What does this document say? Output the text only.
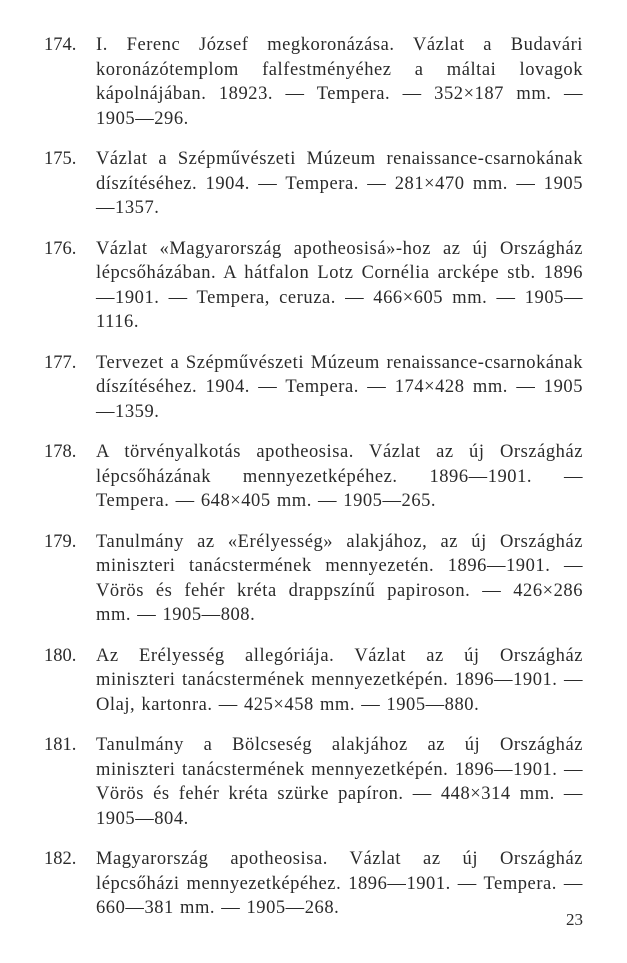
174.	I. Ferenc József megkoronázása. Vázlat a Budavári koronázótemplom falfestményéhez a máltai lovagok kápolnájában. 18923. — Tempera. — 352×187 mm. — 1905—296.
175.	Vázlat a Szépművészeti Múzeum renaissance-csarnokának díszítéséhez. 1904. — Tempera. — 281×470 mm. — 1905—1357.
176.	Vázlat «Magyarország apotheosisá»-hoz az új Országház lépcsőházában. A hátfalon Lotz Cornélia arcképe stb. 1896—1901. — Tempera, ceruza. — 466×605 mm. — 1905—1116.
177.	Tervezet a Szépművészeti Múzeum renaissance-csarnokának díszítéséhez. 1904. — Tempera. — 174×428 mm. — 1905—1359.
178.	A törvényalkotás apotheosisa. Vázlat az új Országház lépcsőházának mennyezetképéhez. 1896—1901. — Tempera. — 648×405 mm. — 1905—265.
179.	Tanulmány az «Erélyesség» alakjához, az új Országház miniszteri tanácstermének mennyezetén. 1896—1901. — Vörös és fehér kréta drappszínű papiroson. — 426×286 mm. — 1905—808.
180.	Az Erélyesség allegóriája. Vázlat az új Országház miniszteri tanácstermének mennyezetképén. 1896—1901. — Olaj, kartonra. — 425×458 mm. — 1905—880.
181.	Tanulmány a Bölcseség alakjához az új Országház miniszteri tanácstermének mennyezetképén. 1896—1901. — Vörös és fehér kréta szürke papíron. — 448×314 mm. — 1905—804.
182.	Magyarország apotheosisa. Vázlat az új Országház lépcsőházi mennyezetképéhez. 1896—1901. — Tempera. — 660—381 mm. — 1905—268.
23
